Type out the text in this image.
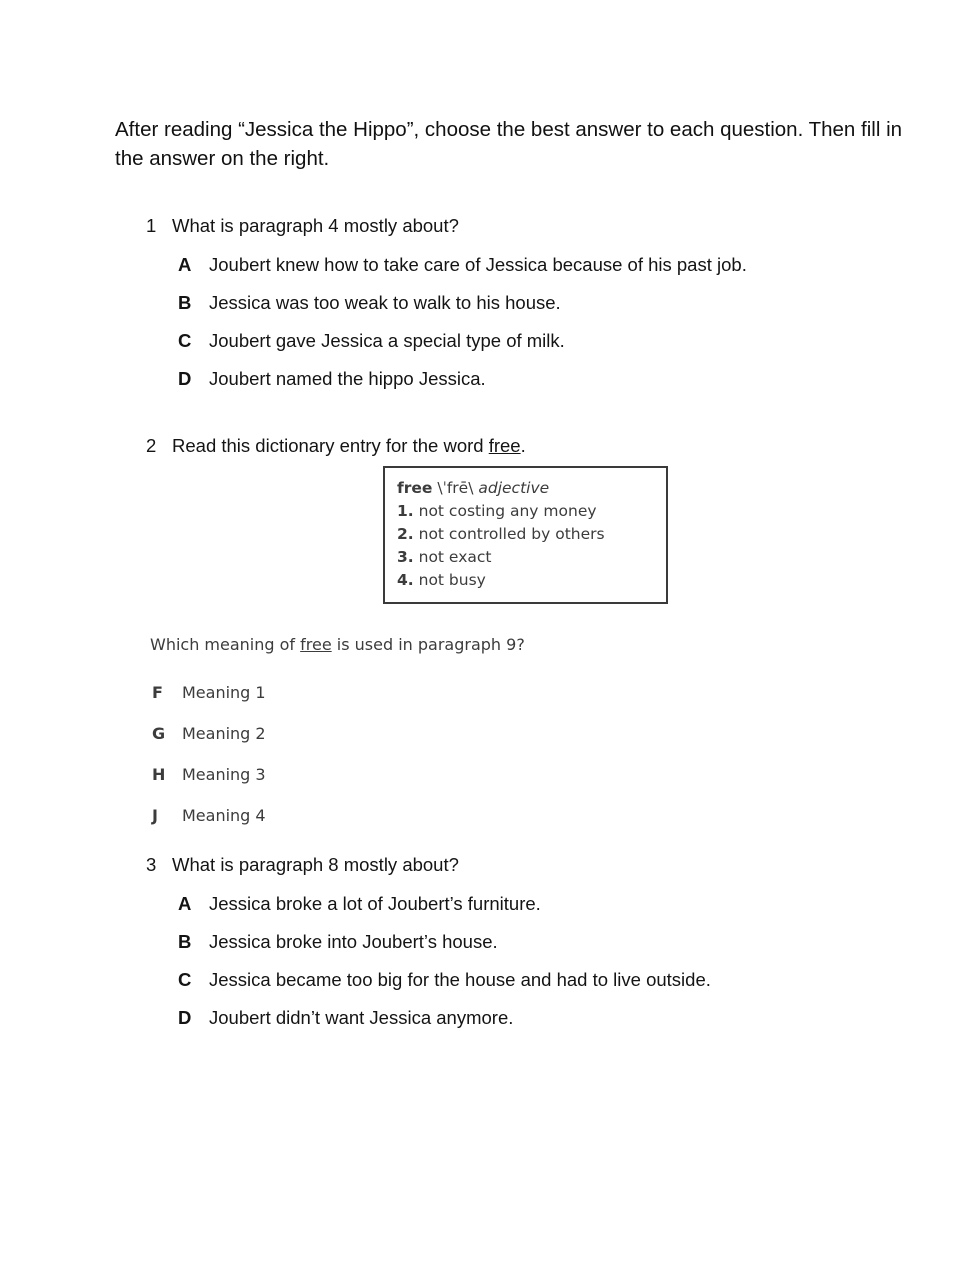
After reading “Jessica the Hippo”, choose the best answer to each question. Then fill in the answer on the right.

1 What is paragraph 4 mostly about?
A Joubert knew how to take care of Jessica because of his past job.
B Jessica was too weak to walk to his house.
C Joubert gave Jessica a special type of milk.
D Joubert named the hippo Jessica.
2 Read this dictionary entry for the word free.
free \ˈfrē\ adjective
1. not costing any money
2. not controlled by others
3. not exact
4. not busy

Which meaning of free is used in paragraph 9?

F	Meaning 1
G	Meaning 2
H	Meaning 3
J	Meaning 4
3 What is paragraph 8 mostly about?
A Jessica broke a lot of Joubert’s furniture.
B Jessica broke into Joubert’s house.
C Jessica became too big for the house and had to live outside.
D Joubert didn’t want Jessica anymore.
